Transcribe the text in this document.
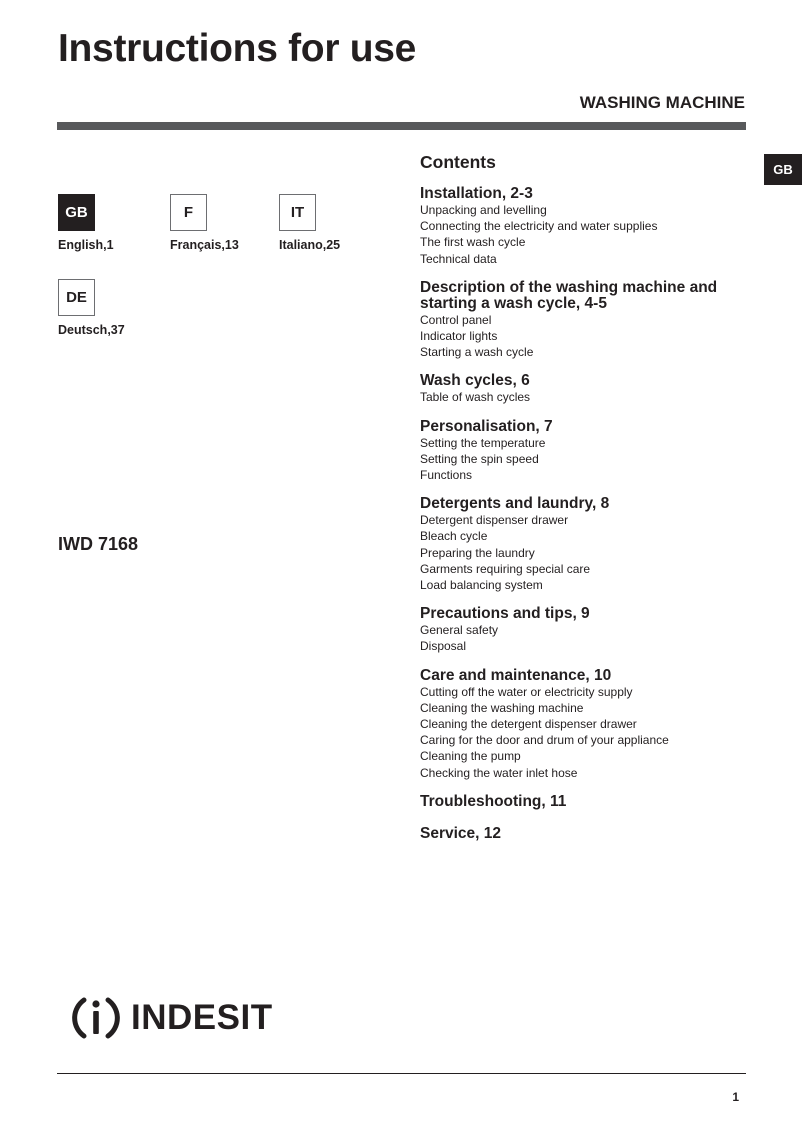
Instructions for use
WASHING MACHINE
GB
GB
English,1
F
Français,13
IT
Italiano,25
DE
Deutsch,37
IWD 7168
Contents
Installation, 2-3
Unpacking and levelling
Connecting the electricity and water supplies
The first wash cycle
Technical data
Description of the washing machine and starting a wash cycle, 4-5
Control panel
Indicator lights
Starting a wash cycle
Wash cycles, 6
Table of wash cycles
Personalisation, 7
Setting the temperature
Setting the spin speed
Functions
Detergents and laundry, 8
Detergent dispenser drawer
Bleach cycle
Preparing the laundry
Garments requiring special care
Load balancing system
Precautions and tips, 9
General safety
Disposal
Care and maintenance, 10
Cutting off the water or electricity supply
Cleaning the washing machine
Cleaning the detergent dispenser drawer
Caring for the door and drum of your appliance
Cleaning the pump
Checking the water inlet hose
Troubleshooting, 11
Service, 12
INDESIT
1
